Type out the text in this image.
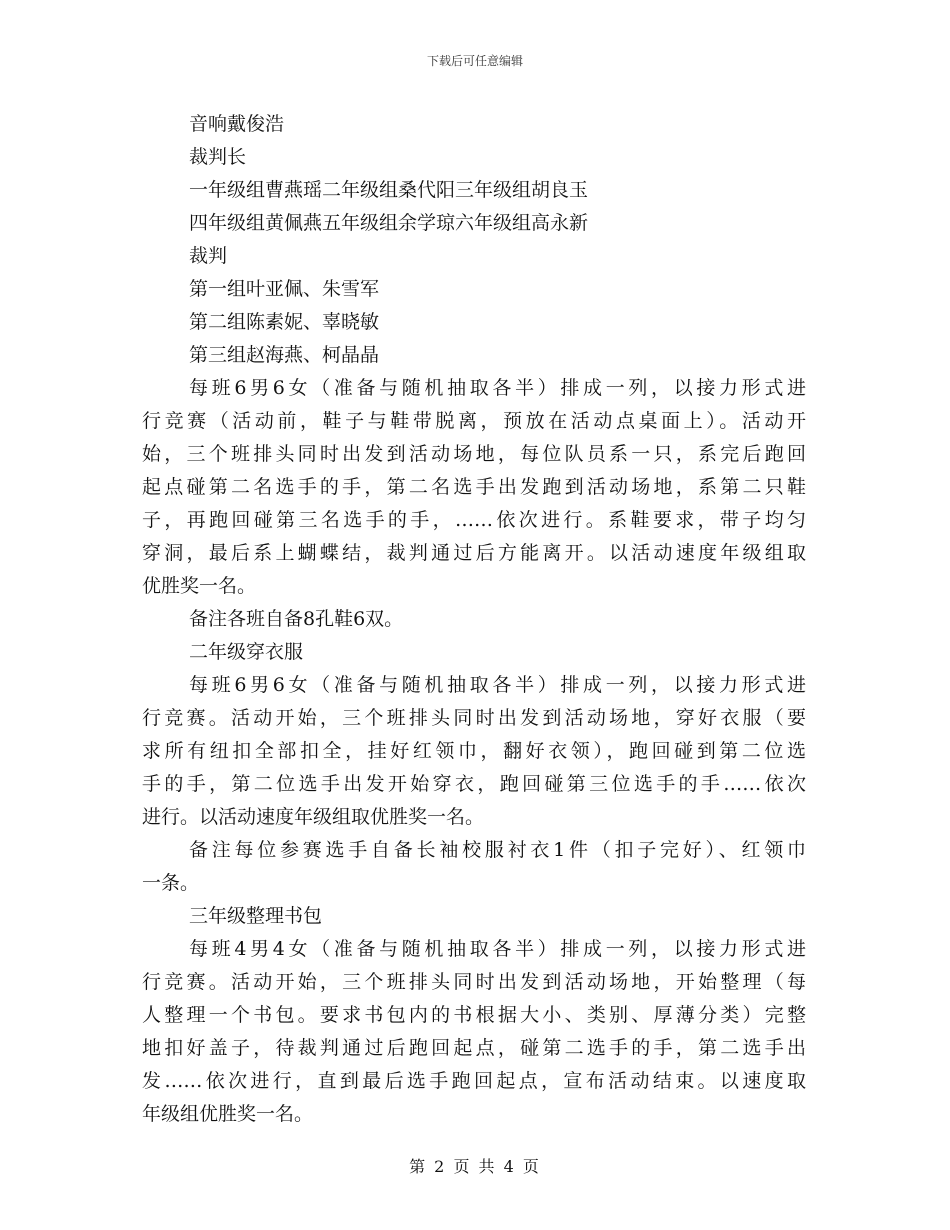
下载后可任意编辑
音响戴俊浩
裁判长
一年级组曹燕瑶二年级组桑代阳三年级组胡良玉
四年级组黄佩燕五年级组余学琼六年级组高永新
裁判
第一组叶亚佩、朱雪军
第二组陈素妮、辜晓敏
第三组赵海燕、柯晶晶
每班6男6女（准备与随机抽取各半）排成一列，以接力形式进
行竞赛（活动前，鞋子与鞋带脱离，预放在活动点桌面上）。活动开
始，三个班排头同时出发到活动场地，每位队员系一只，系完后跑回
起点碰第二名选手的手，第二名选手出发跑到活动场地，系第二只鞋
子，再跑回碰第三名选手的手，……依次进行。系鞋要求，带子均匀
穿洞，最后系上蝴蝶结，裁判通过后方能离开。以活动速度年级组取
优胜奖一名。
备注各班自备8孔鞋6双。
二年级穿衣服
每班6男6女（准备与随机抽取各半）排成一列，以接力形式进
行竞赛。活动开始，三个班排头同时出发到活动场地，穿好衣服（要
求所有纽扣全部扣全，挂好红领巾，翻好衣领），跑回碰到第二位选
手的手，第二位选手出发开始穿衣，跑回碰第三位选手的手……依次
进行。以活动速度年级组取优胜奖一名。
备注每位参赛选手自备长袖校服衬衣1件（扣子完好）、红领巾
一条。
三年级整理书包
每班4男4女（准备与随机抽取各半）排成一列，以接力形式进
行竞赛。活动开始，三个班排头同时出发到活动场地，开始整理（每
人整理一个书包。要求书包内的书根据大小、类别、厚薄分类）完整
地扣好盖子，待裁判通过后跑回起点，碰第二选手的手，第二选手出
发……依次进行，直到最后选手跑回起点，宣布活动结束。以速度取
年级组优胜奖一名。
第 2 页 共 4 页
